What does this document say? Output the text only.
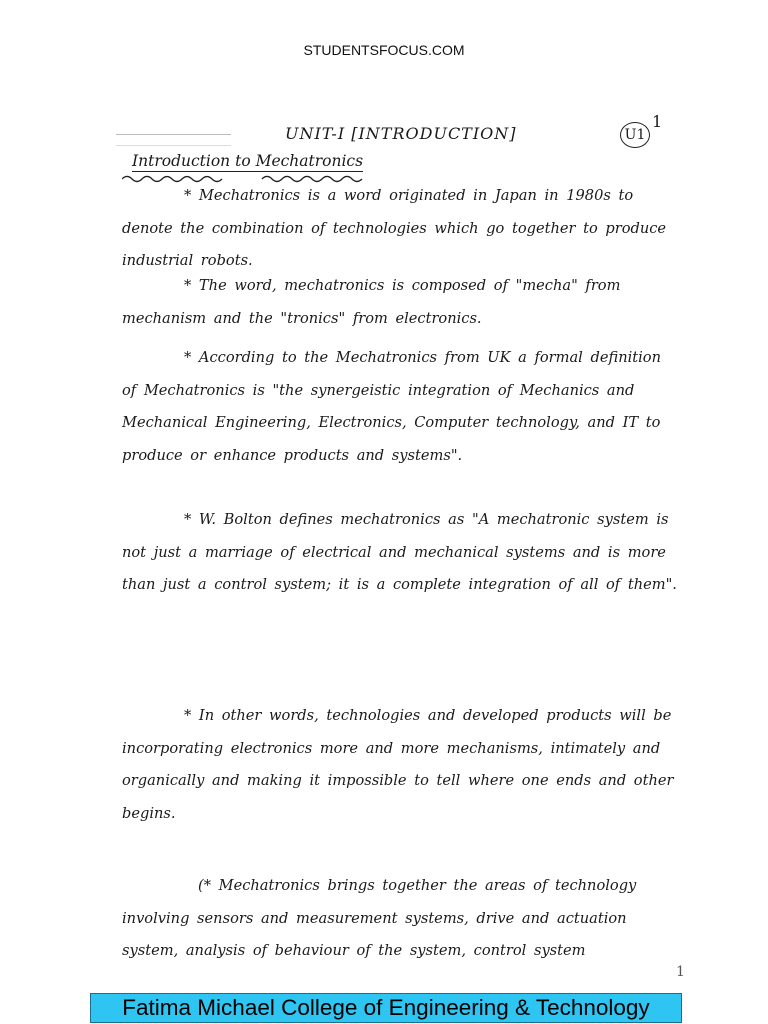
STUDENTSFOCUS.COM
UNIT-I [INTRODUCTION]	U1
1
Introduction to Mechatronics

* Mechatronics is a word originated in Japan in 1980s to denote the combination of technologies which go together to produce industrial robots.

* The word, mechatronics is composed of "mecha" from mechanism and the "tronics" from electronics.

* According to the Mechatronics from UK a formal definition of Mechatronics is "the synergeistic integration of Mechanics and Mechanical Engineering, Electronics, Computer technology, and IT to produce or enhance products and systems".

* W. Bolton defines mechatronics as "A mechatronic system is not just a marriage of electrical and mechanical systems and is more than just a control system; it is a complete integration of all of them".

* In other words, technologies and developed products will be incorporating electronics more and more mechanisms, intimately and organically and making it impossible to tell where one ends and other begins.

(* Mechatronics brings together the areas of technology involving sensors and measurement systems, drive and actuation system, analysis of behaviour of the system, control system

1
Fatima Michael College of Engineering & Technology
